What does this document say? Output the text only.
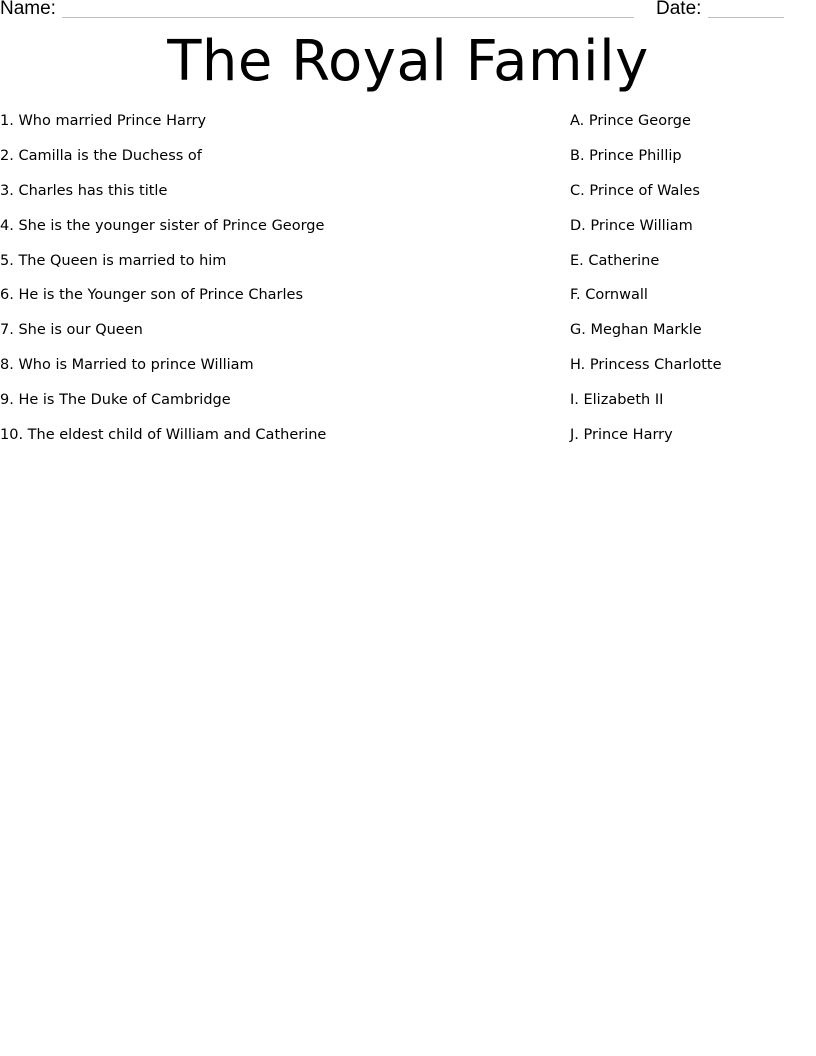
Name:	Date:
The Royal Family
1. Who married Prince Harry
2. Camilla is the Duchess of
3. Charles has this title
4. She is the younger sister of Prince George
5. The Queen is married to him
6. He is the Younger son of Prince Charles
7. She is our Queen
8. Who is Married to prince William
9. He is The Duke of Cambridge
10. The eldest child of William and Catherine
A. Prince George
B. Prince Phillip
C. Prince of Wales
D. Prince William
E. Catherine
F. Cornwall
G. Meghan Markle
H. Princess Charlotte
I. Elizabeth II
J. Prince Harry
